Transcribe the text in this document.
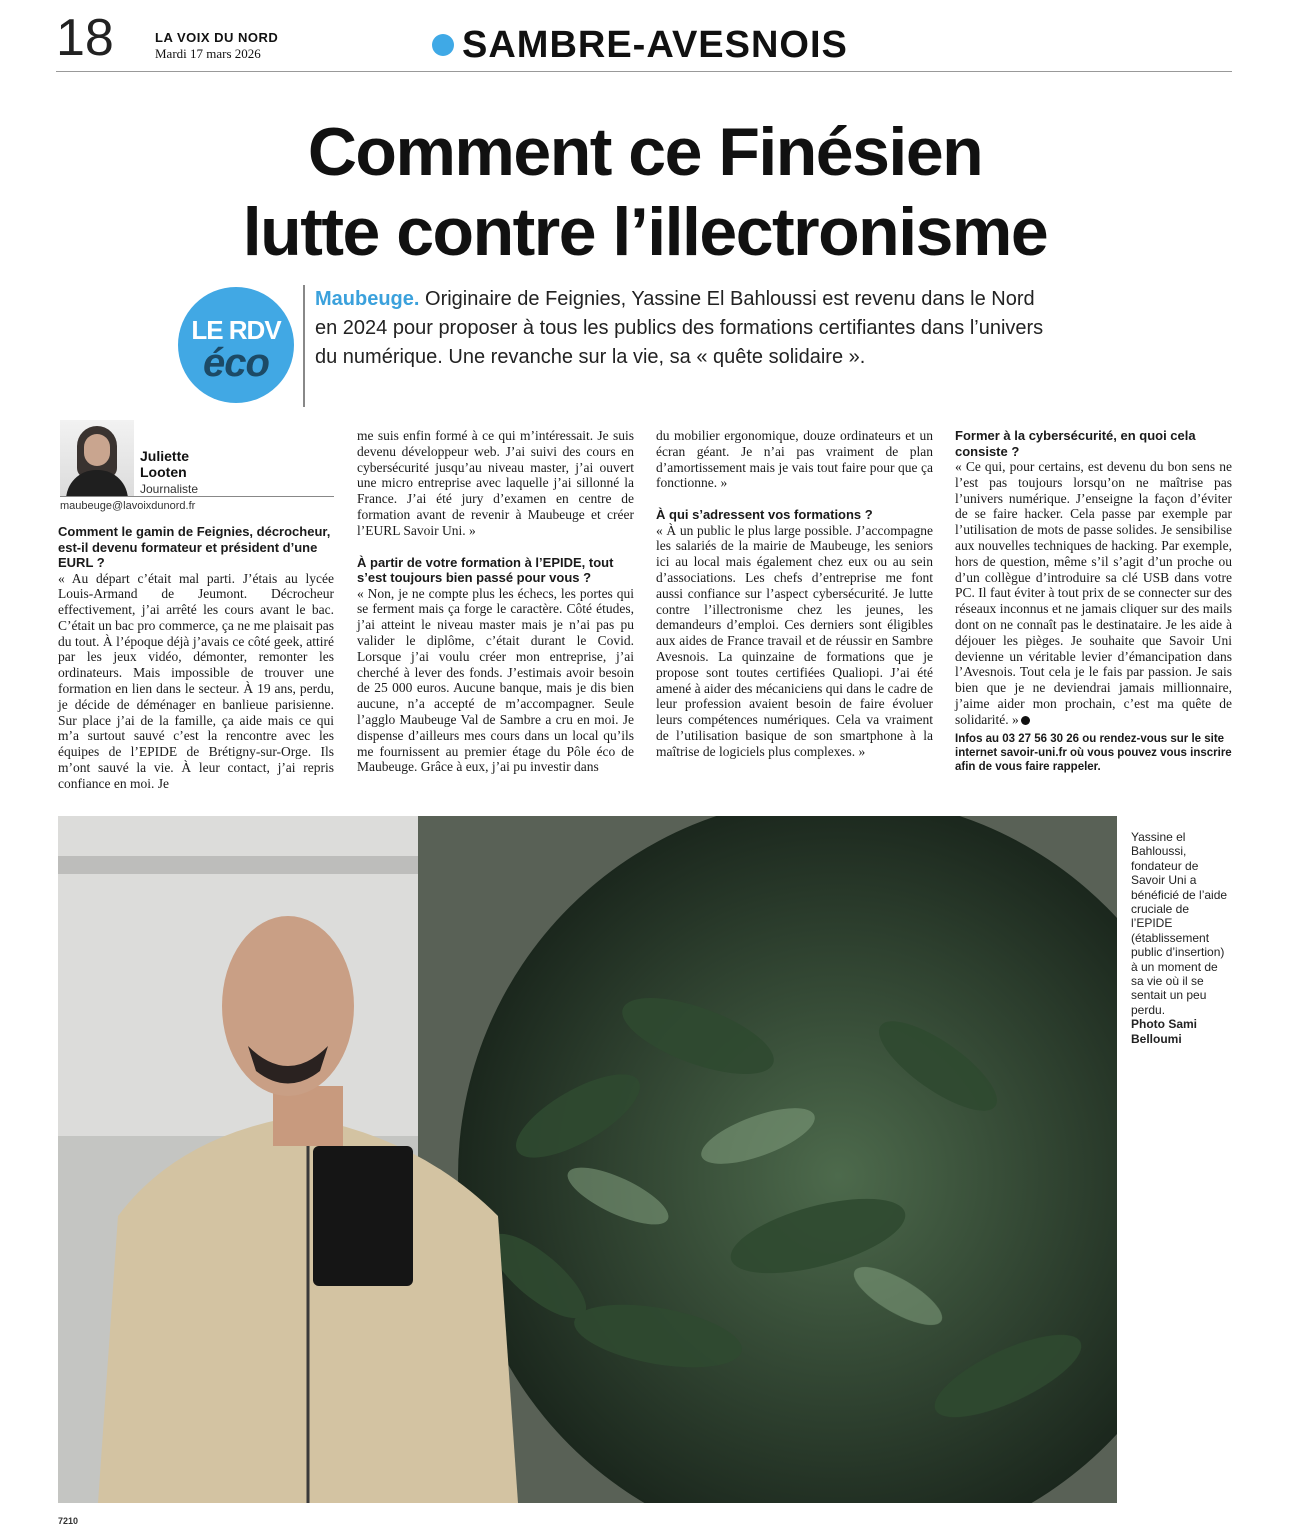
18	LA VOIX DU NORD
Mardi 17 mars 2026	SAMBRE-AVESNOIS
Comment ce Finésien
lutte contre l’illectronisme
LE RDV
éco
Maubeuge. Originaire de Feignies, Yassine El Bahloussi est revenu dans le Nord en 2024 pour proposer à tous les publics des formations certifiantes dans l’univers du numérique. Une revanche sur la vie, sa « quête solidaire ».
Juliette
Looten
Journaliste
maubeuge@lavoixdunord.fr

Comment le gamin de Feignies, décrocheur, est-il devenu formateur et président d’une EURL ?

« Au départ c’était mal parti. J’étais au lycée Louis-Armand de Jeumont. Décrocheur effectivement, j’ai arrêté les cours avant le bac. C’était un bac pro commerce, ça ne me plaisait pas du tout. À l’époque déjà j’avais ce côté geek, attiré par les jeux vidéo, démonter, remonter les ordinateurs. Mais impossible de trouver une formation en lien dans le secteur. À 19 ans, perdu, je décide de déménager en banlieue parisienne. Sur place j’ai de la famille, ça aide mais ce qui m’a surtout sauvé c’est la rencontre avec les équipes de l’EPIDE de Brétigny-sur-Orge. Ils m’ont sauvé la vie. À leur contact, j’ai repris confiance en moi. Je

me suis enfin formé à ce qui m’intéressait. Je suis devenu développeur web. J’ai suivi des cours en cybersécurité jusqu’au niveau master, j’ai ouvert une micro entreprise avec laquelle j’ai sillonné la France. J’ai été jury d’examen en centre de formation avant de revenir à Maubeuge et créer l’EURL Savoir Uni. »

À partir de votre formation à l’EPIDE, tout s’est toujours bien passé pour vous ?

« Non, je ne compte plus les échecs, les portes qui se ferment mais ça forge le caractère. Côté études, j’ai atteint le niveau master mais je n’ai pas pu valider le diplôme, c’était durant le Covid. Lorsque j’ai voulu créer mon entreprise, j’ai cherché à lever des fonds. J’estimais avoir besoin de 25 000 euros. Aucune banque, mais je dis bien aucune, n’a accepté de m’accompagner. Seule l’agglo Maubeuge Val de Sambre a cru en moi. Je dispense d’ailleurs mes cours dans un local qu’ils me fournissent au premier étage du Pôle éco de Maubeuge. Grâce à eux, j’ai pu investir dans

du mobilier ergonomique, douze ordinateurs et un écran géant. Je n’ai pas vraiment de plan d’amortissement mais je vais tout faire pour que ça fonctionne. »

À qui s’adressent vos formations ?

« À un public le plus large possible. J’accompagne les salariés de la mairie de Maubeuge, les seniors ici au local mais également chez eux ou au sein d’associations. Les chefs d’entreprise me font aussi confiance sur l’aspect cybersécurité. Je lutte contre l’illectronisme chez les jeunes, les demandeurs d’emploi. Ces derniers sont éligibles aux aides de France travail et de réussir en Sambre Avesnois. La quinzaine de formations que je propose sont toutes certifiées Qualiopi. J’ai été amené à aider des mécaniciens qui dans le cadre de leur profession avaient besoin de faire évoluer leurs compétences numériques. Cela va vraiment de l’utilisation basique de son smartphone à la maîtrise de logiciels plus complexes. »

Former à la cybersécurité, en quoi cela consiste ?

« Ce qui, pour certains, est devenu du bon sens ne l’est pas toujours lorsqu’on ne maîtrise pas l’univers numérique. J’enseigne la façon d’éviter de se faire hacker. Cela passe par exemple par l’utilisation de mots de passe solides. Je sensibilise aux nouvelles techniques de hacking. Par exemple, hors de question, même s’il s’agit d’un proche ou d’un collègue d’introduire sa clé USB dans votre PC. Il faut éviter à tout prix de se connecter sur des réseaux inconnus et ne jamais cliquer sur des mails dont on ne connaît pas le destinataire. Je les aide à déjouer les pièges. Je souhaite que Savoir Uni devienne un véritable levier d’émancipation dans l’Avesnois. Tout cela je le fais par passion. Je sais bien que je ne deviendrai jamais millionnaire, j’aime aider mon prochain, c’est ma quête de solidarité. »

Infos au 03 27 56 30 26 ou rendez-vous sur le site internet savoir-uni.fr où vous pouvez vous inscrire afin de vous faire rappeler.

Yassine el Bahloussi, fondateur de Savoir Uni a bénéficié de l’aide cruciale de l’EPIDE (établissement public d’insertion) à un moment de sa vie où il se sentait un peu perdu.
Photo Sami Belloumi
7210
